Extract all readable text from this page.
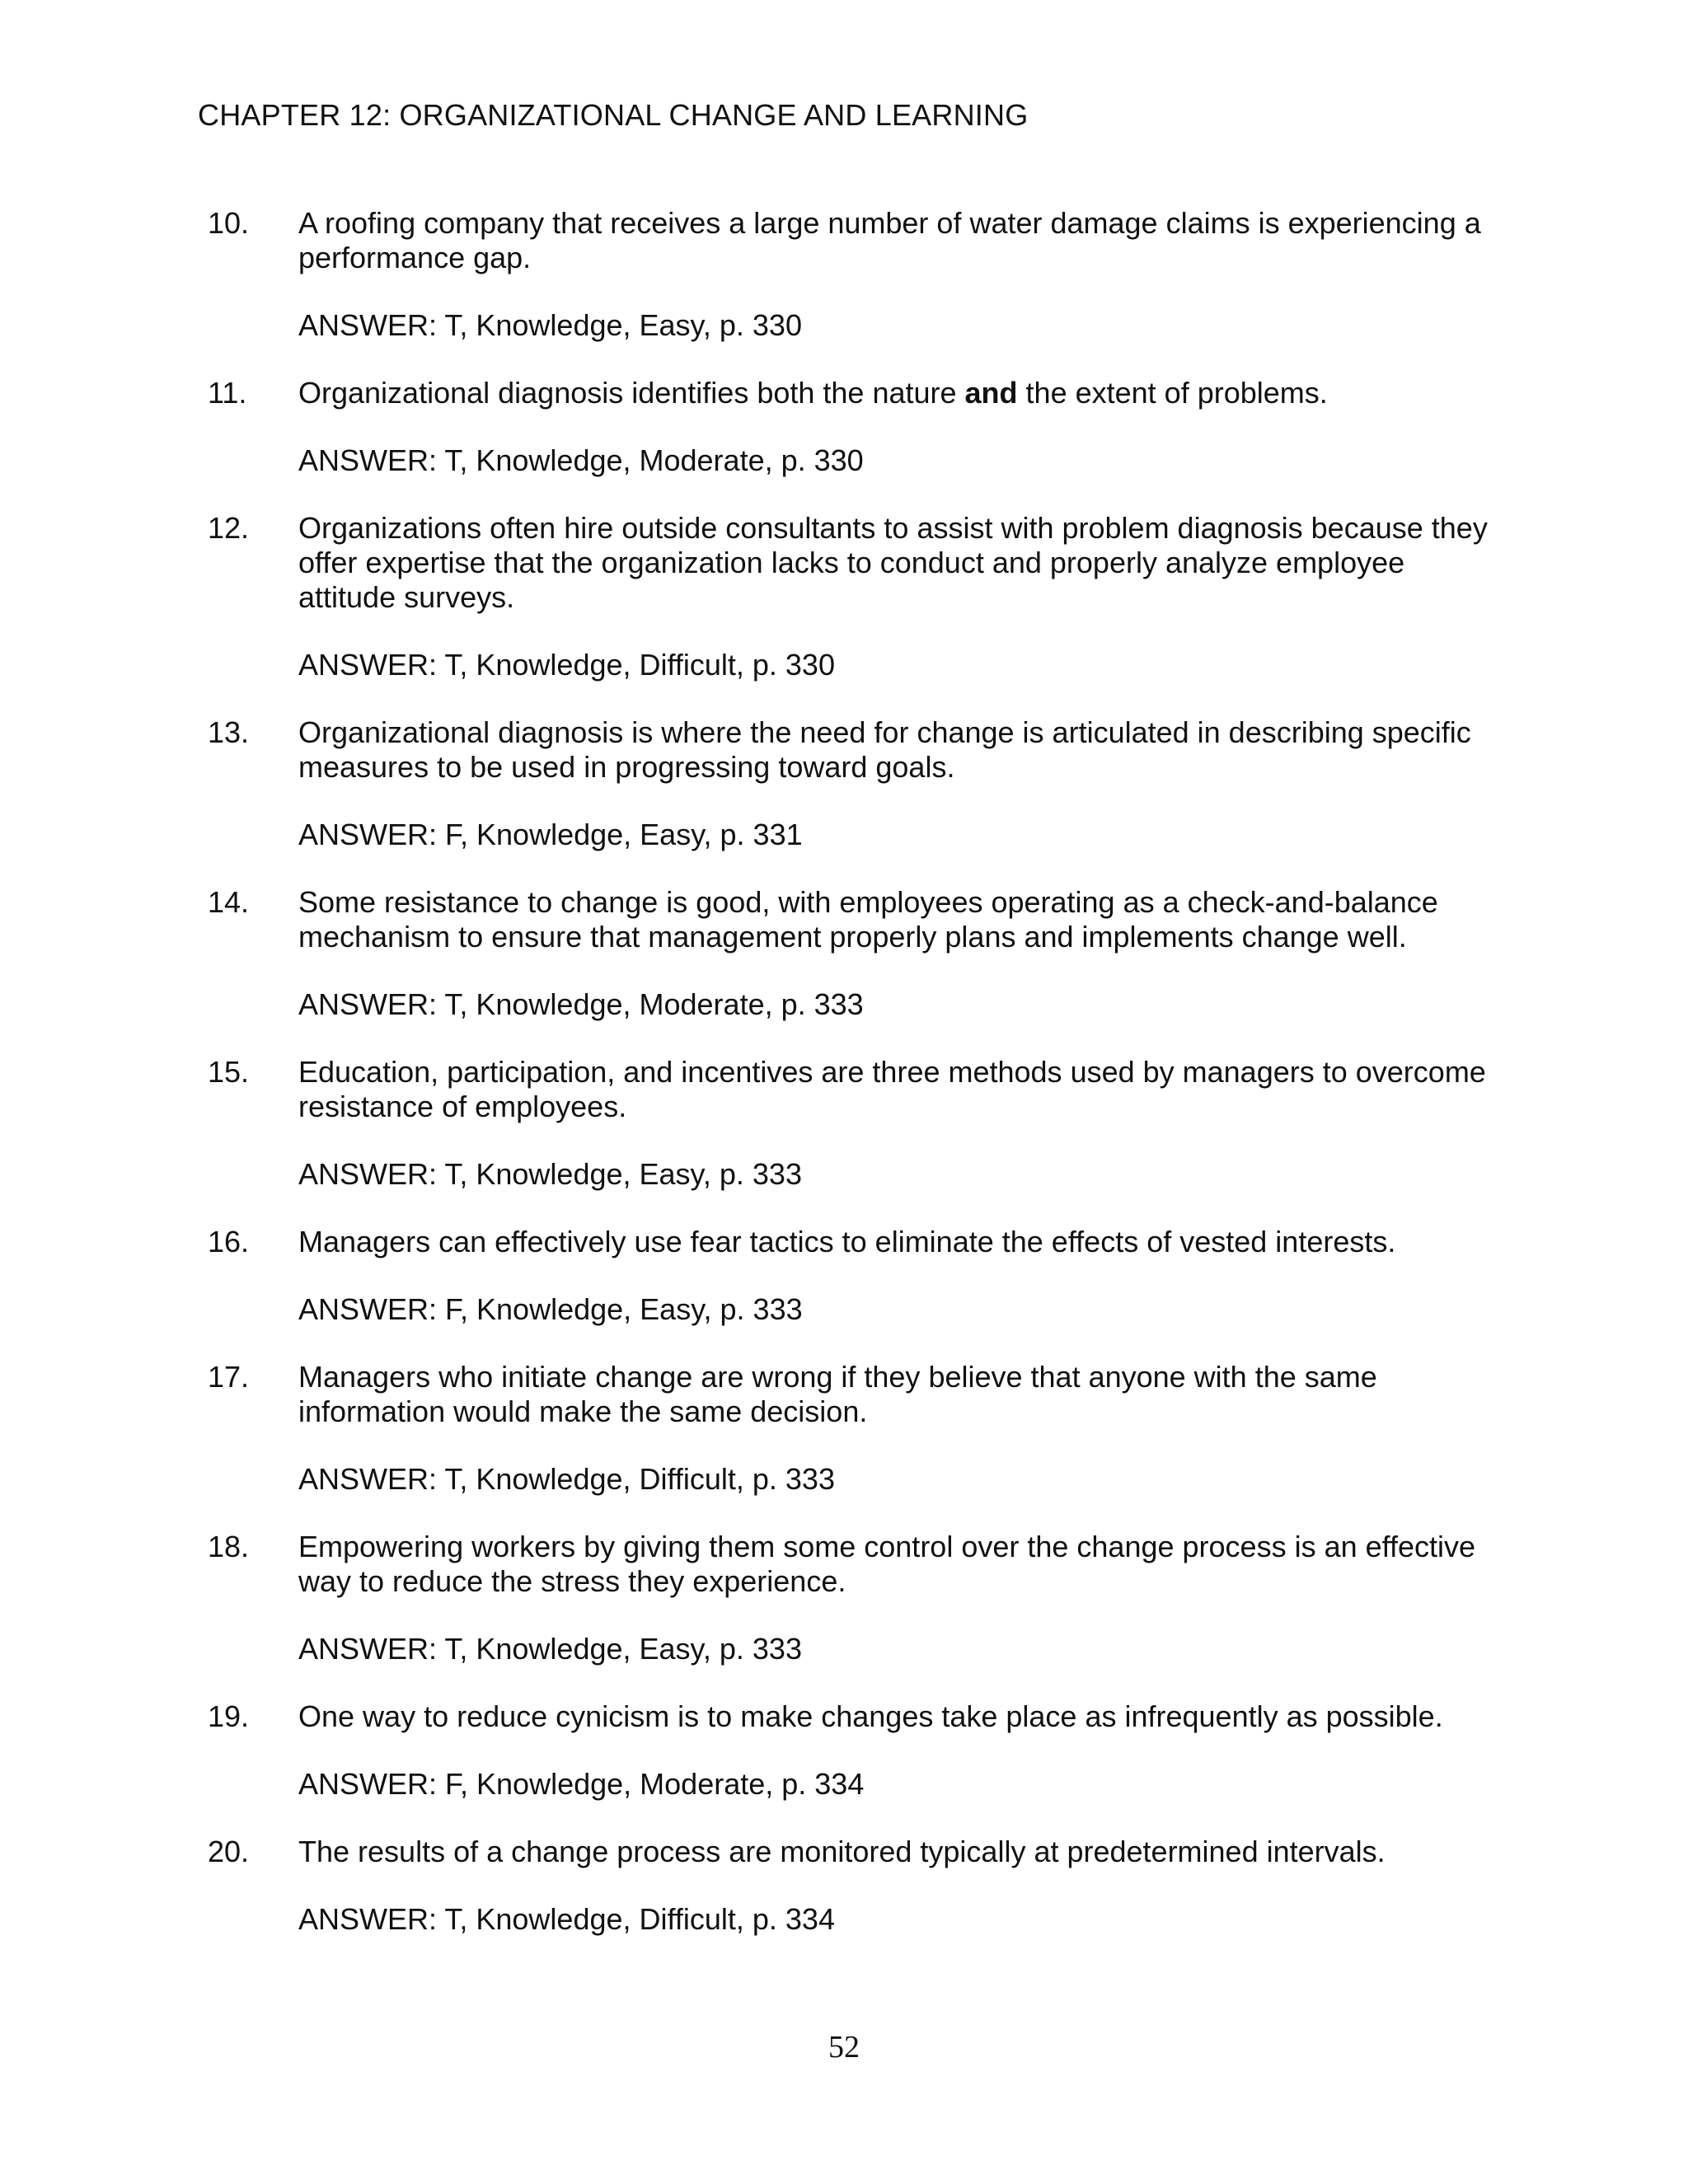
CHAPTER 12: ORGANIZATIONAL CHANGE AND LEARNING
10. A roofing company that receives a large number of water damage claims is experiencing a performance gap.

ANSWER: T, Knowledge, Easy, p. 330
11. Organizational diagnosis identifies both the nature and the extent of problems.

ANSWER: T, Knowledge, Moderate, p. 330
12. Organizations often hire outside consultants to assist with problem diagnosis because they offer expertise that the organization lacks to conduct and properly analyze employee attitude surveys.

ANSWER: T, Knowledge, Difficult, p. 330
13. Organizational diagnosis is where the need for change is articulated in describing specific measures to be used in progressing toward goals.

ANSWER: F, Knowledge, Easy, p. 331
14. Some resistance to change is good, with employees operating as a check-and-balance mechanism to ensure that management properly plans and implements change well.

ANSWER: T, Knowledge, Moderate, p. 333
15. Education, participation, and incentives are three methods used by managers to overcome resistance of employees.

ANSWER: T, Knowledge, Easy, p. 333
16. Managers can effectively use fear tactics to eliminate the effects of vested interests.

ANSWER: F, Knowledge, Easy, p. 333
17. Managers who initiate change are wrong if they believe that anyone with the same information would make the same decision.

ANSWER: T, Knowledge, Difficult, p. 333
18. Empowering workers by giving them some control over the change process is an effective way to reduce the stress they experience.

ANSWER: T, Knowledge, Easy, p. 333
19. One way to reduce cynicism is to make changes take place as infrequently as possible.

ANSWER: F, Knowledge, Moderate, p. 334
20. The results of a change process are monitored typically at predetermined intervals.

ANSWER: T, Knowledge, Difficult, p. 334
52
